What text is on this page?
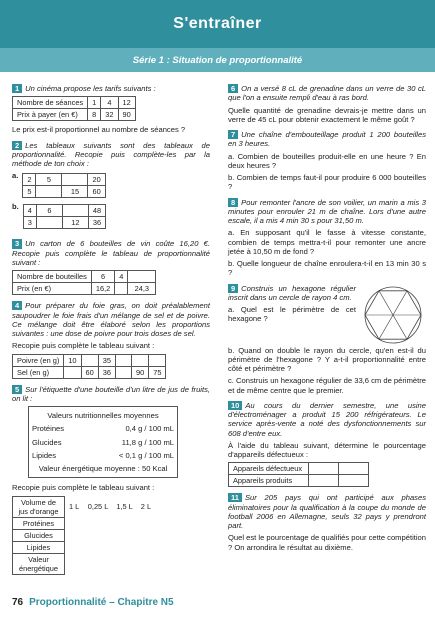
S'entraîner
Série 1 : Situation de proportionnalité

1 Un cinéma propose les tarifs suivants :

Nombre de séances	1	4	12
Prix à payer (en €)	8	32	90

Le prix est-il proportionnel au nombre de séances ?

2 Les tableaux suivants sont des tableaux de proportionnalité. Recopie puis complète-les par la méthode de ton choix :

a.	2	5		20
5		15	60
b.	4	6		48
3		12	36

3 Un carton de 6 bouteilles de vin coûte 16,20 €. Recopie puis complète le tableau de proportionnalité suivant :

Nombre de bouteilles	6	4	
Prix (en €)	16,2		24,3

4 Pour préparer du foie gras, on doit préalablement saupoudrer le foie frais d'un mélange de sel et de poivre. Ce mélange doit être élaboré selon les proportions suivantes : une dose de poivre pour trois doses de sel.

Recopie puis complète le tableau suivant :

Poivre (en g)	10		35			
Sel (en g)		60	36		90	75

5 Sur l'étiquette d'une bouteille d'un litre de jus de fruits, on lit :

Valeurs nutritionnelles moyennes
Protéines	0,4 g / 100 mL
Glucides	11,8 g / 100 mL
Lipides	< 0,1 g / 100 mL
Valeur énergétique moyenne : 50 Kcal

Recopie puis complète le tableau suivant :

Volume de jus d'orange	1 L	0,25 L	1,5 L	2 L
Protéines				
Glucides				
Lipides				
Valeur énergétique				

6 On a versé 8 cL de grenadine dans un verre de 30 cL que l'on a ensuite rempli d'eau à ras bord.

Quelle quantité de grenadine devrais-je mettre dans un verre de 45 cL pour obtenir exactement le même goût ?

7 Une chaîne d'embouteillage produit 1 200 bouteilles en 3 heures.

a. Combien de bouteilles produit-elle en une heure ? En deux heures ?

b. Combien de temps faut-il pour produire 6 000 bouteilles ?

8 Pour remonter l'ancre de son voilier, un marin a mis 3 minutes pour enrouler 21 m de chaîne. Lors d'une autre escale, il a mis 4 min 30 s pour 31,50 m.

a. En supposant qu'il le fasse à vitesse constante, combien de temps mettra-t-il pour remonter une ancre jetée à 10,50 m de fond ?

b. Quelle longueur de chaîne enroulera-t-il en 13 min 30 s ?

9 Construis un hexagone régulier inscrit dans un cercle de rayon 4 cm.

a. Quel est le périmètre de cet hexagone ?

b. Quand on double le rayon du cercle, qu'en est-il du périmètre de l'hexagone ? Y a-t-il proportionnalité entre côté et périmètre ?

c. Construis un hexagone régulier de 33,6 cm de périmètre et de même centre que le premier.

10 Au cours du dernier semestre, une usine d'électroménager a produit 15 200 réfrigérateurs. Le service après-vente a noté des dysfonctionnements sur 608 d'entre eux.

À l'aide du tableau suivant, détermine le pourcentage d'appareils défectueux :

Appareils défectueux		
Appareils produits		

11 Sur 205 pays qui ont participé aux phases éliminatoires pour la qualification à la coupe du monde de football 2006 en Allemagne, seuls 32 pays y prendront part.

Quel est le pourcentage de qualifiés pour cette compétition ? On arrondira le résultat au dixième.

76 Proportionnalité – Chapitre N5
